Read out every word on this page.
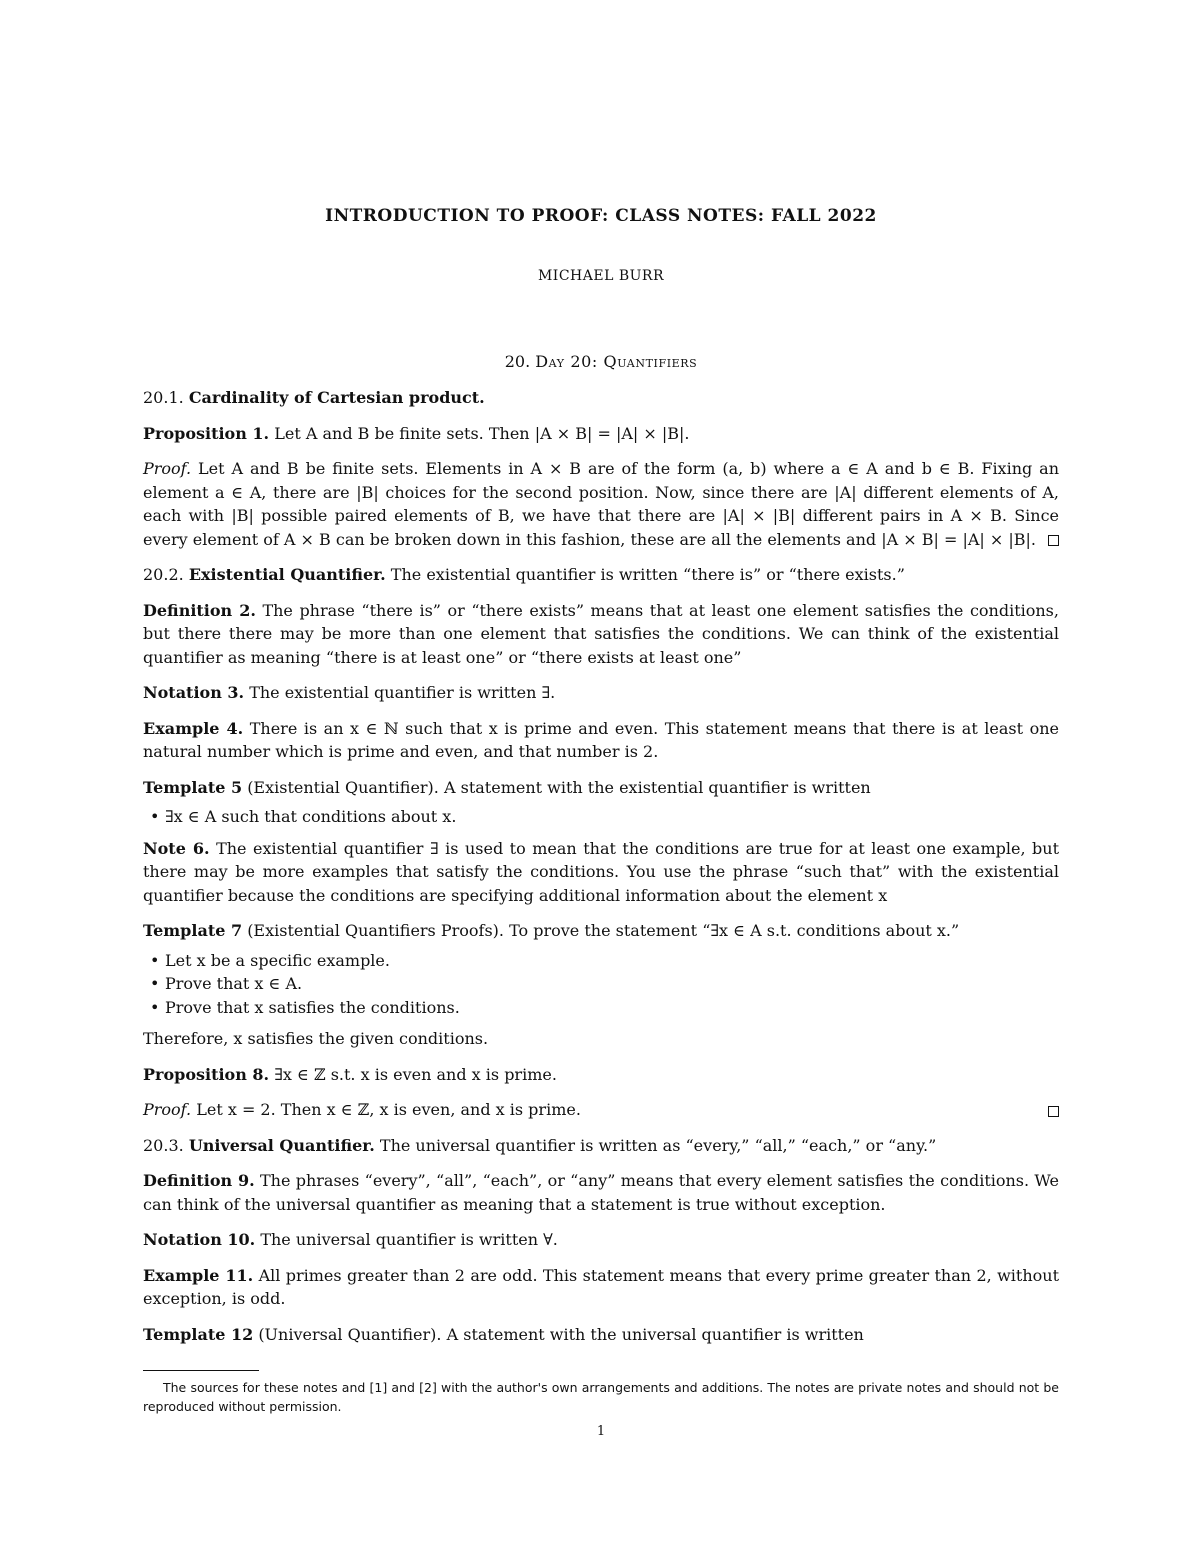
INTRODUCTION TO PROOF: CLASS NOTES: FALL 2022
MICHAEL BURR
20. Day 20: Quantifiers

20.1. Cardinality of Cartesian product.

Proposition 1. Let A and B be finite sets. Then |A × B| = |A| × |B|.

Proof. Let A and B be finite sets. Elements in A × B are of the form (a, b) where a ∈ A and b ∈ B. Fixing an element a ∈ A, there are |B| choices for the second position. Now, since there are |A| different elements of A, each with |B| possible paired elements of B, we have that there are |A| × |B| different pairs in A × B. Since every element of A × B can be broken down in this fashion, these are all the elements and |A × B| = |A| × |B|.

20.2. Existential Quantifier. The existential quantifier is written “there is” or “there exists.”

Definition 2. The phrase “there is” or “there exists” means that at least one element satisfies the conditions, but there there may be more than one element that satisfies the conditions. We can think of the existential quantifier as meaning “there is at least one” or “there exists at least one”

Notation 3. The existential quantifier is written ∃.

Example 4. There is an x ∈ ℕ such that x is prime and even. This statement means that there is at least one natural number which is prime and even, and that number is 2.

Template 5 (Existential Quantifier). A statement with the existential quantifier is written

• ∃x ∈ A such that conditions about x.

Note 6. The existential quantifier ∃ is used to mean that the conditions are true for at least one example, but there may be more examples that satisfy the conditions. You use the phrase “such that” with the existential quantifier because the conditions are specifying additional information about the element x

Template 7 (Existential Quantifiers Proofs). To prove the statement “∃x ∈ A s.t. conditions about x.”

• Let x be a specific example.
• Prove that x ∈ A.
• Prove that x satisfies the conditions.

Therefore, x satisfies the given conditions.

Proposition 8. ∃x ∈ ℤ s.t. x is even and x is prime.

Proof. Let x = 2. Then x ∈ ℤ, x is even, and x is prime.

20.3. Universal Quantifier. The universal quantifier is written as “every,” “all,” “each,” or “any.”

Definition 9. The phrases “every”, “all”, “each”, or “any” means that every element satisfies the conditions. We can think of the universal quantifier as meaning that a statement is true without exception.

Notation 10. The universal quantifier is written ∀.

Example 11. All primes greater than 2 are odd. This statement means that every prime greater than 2, without exception, is odd.

Template 12 (Universal Quantifier). A statement with the universal quantifier is written

The sources for these notes and [1] and [2] with the author's own arrangements and additions. The notes are private notes and should not be reproduced without permission.
1
